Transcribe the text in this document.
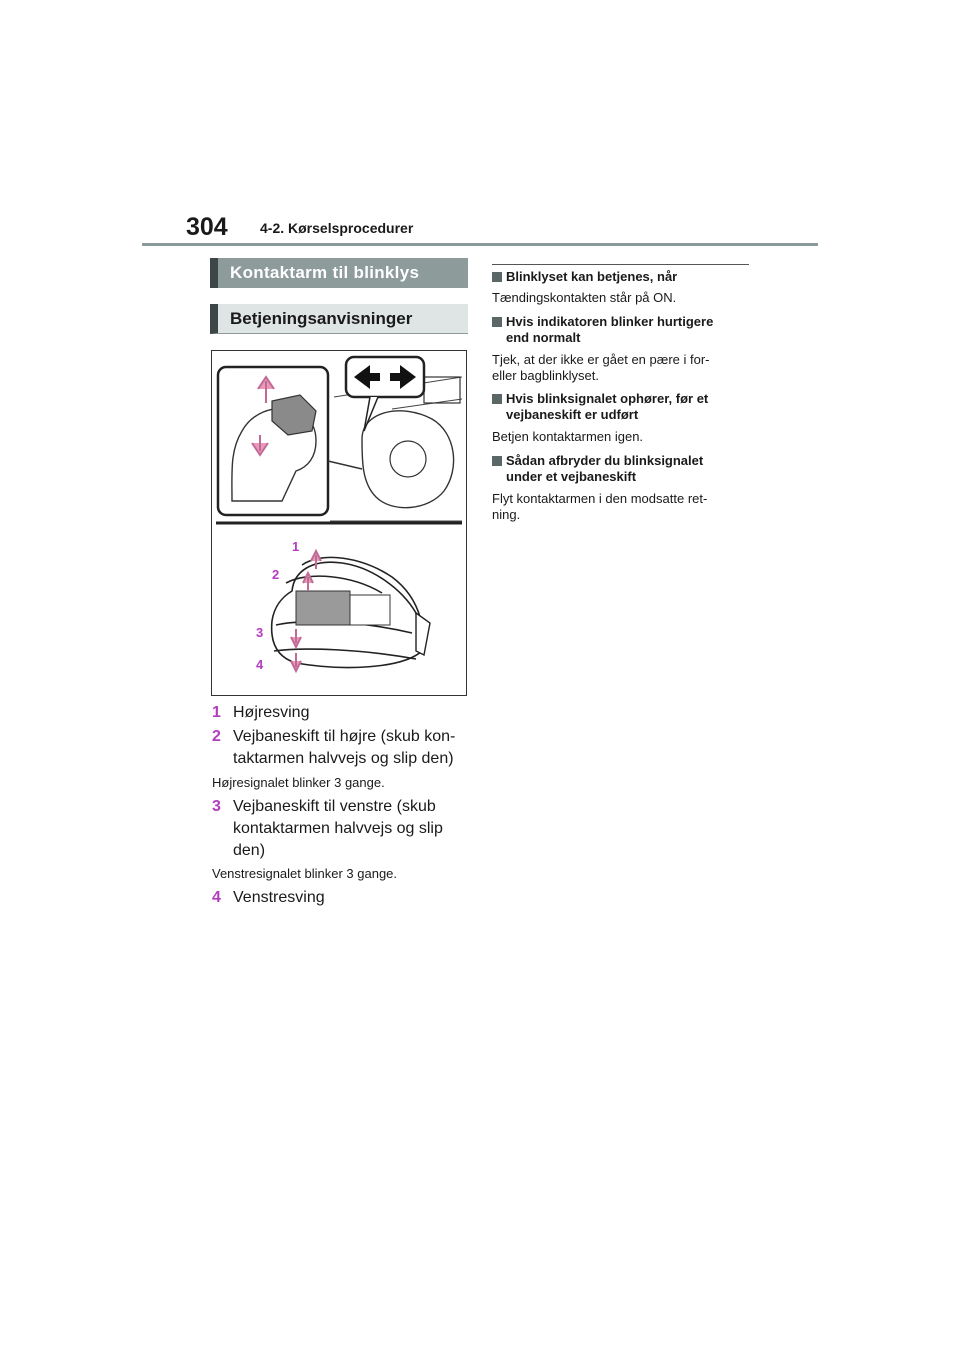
304 4-2. Kørselsprocedurer
Kontaktarm til blinklys
Betjeningsanvisninger
1
2
3
4
1 Højresving
2 Vejbaneskift til højre (skub kon-
taktarmen halvvejs og slip den)
Højresignalet blinker 3 gange.
3 Vejbaneskift til venstre (skub
kontaktarmen halvvejs og slip
den)
Venstresignalet blinker 3 gange.
4 Venstresving
Blinklyset kan betjenes, når
Tændingskontakten står på ON.
Hvis indikatoren blinker hurtigere
end normalt
Tjek, at der ikke er gået en pære i for-
eller bagblinklyset.
Hvis blinksignalet ophører, før et
vejbaneskift er udført
Betjen kontaktarmen igen.
Sådan afbryder du blinksignalet
under et vejbaneskift
Flyt kontaktarmen i den modsatte ret-
ning.
